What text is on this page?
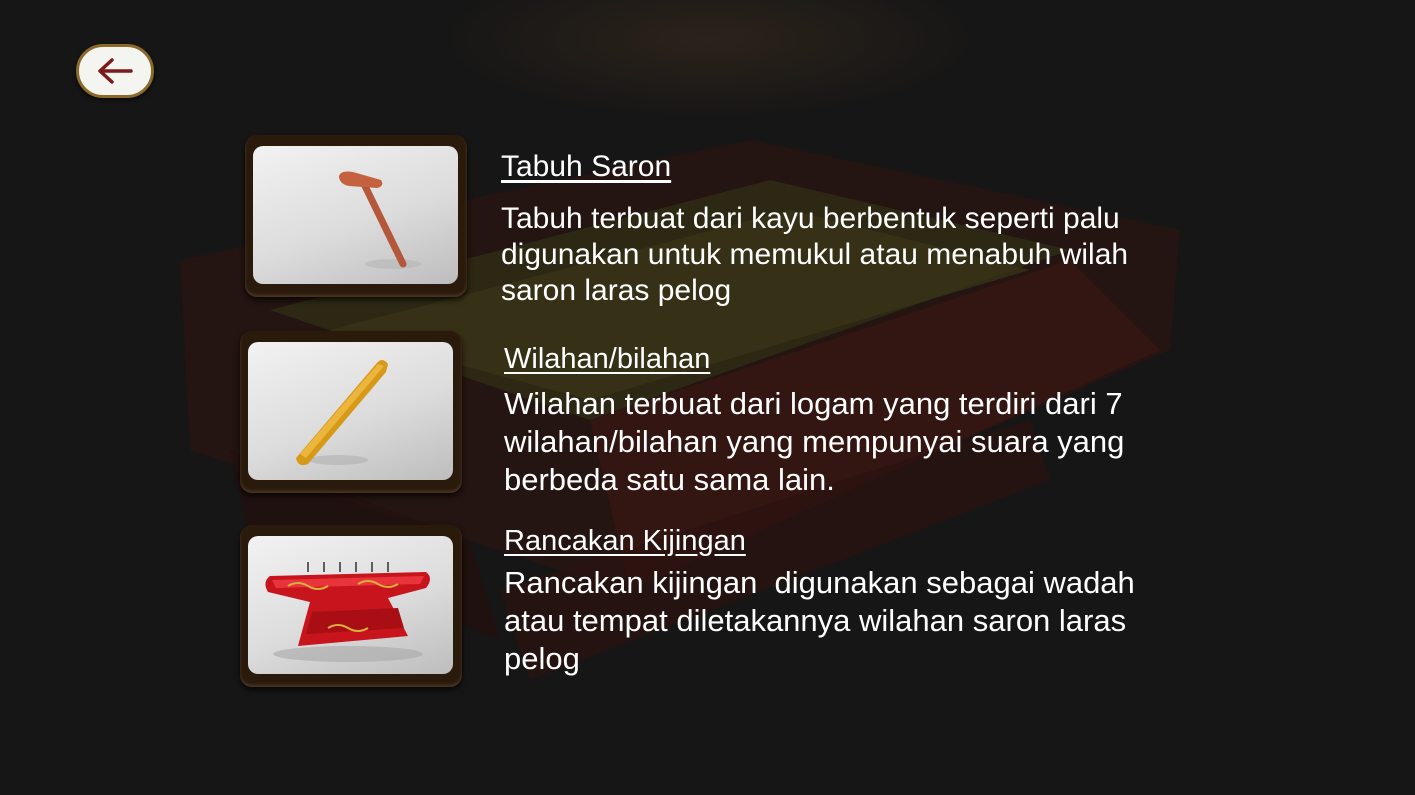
Tabuh Saron

Tabuh terbuat dari kayu berbentuk seperti palu
digunakan untuk memukul atau menabuh wilah
saron laras pelog

Wilahan/bilahan

Wilahan terbuat dari logam yang terdiri dari 7
wilahan/bilahan yang mempunyai suara yang
berbeda satu sama lain.

Rancakan Kijingan

Rancakan kijingan  digunakan sebagai wadah
atau tempat diletakannya wilahan saron laras
pelog
